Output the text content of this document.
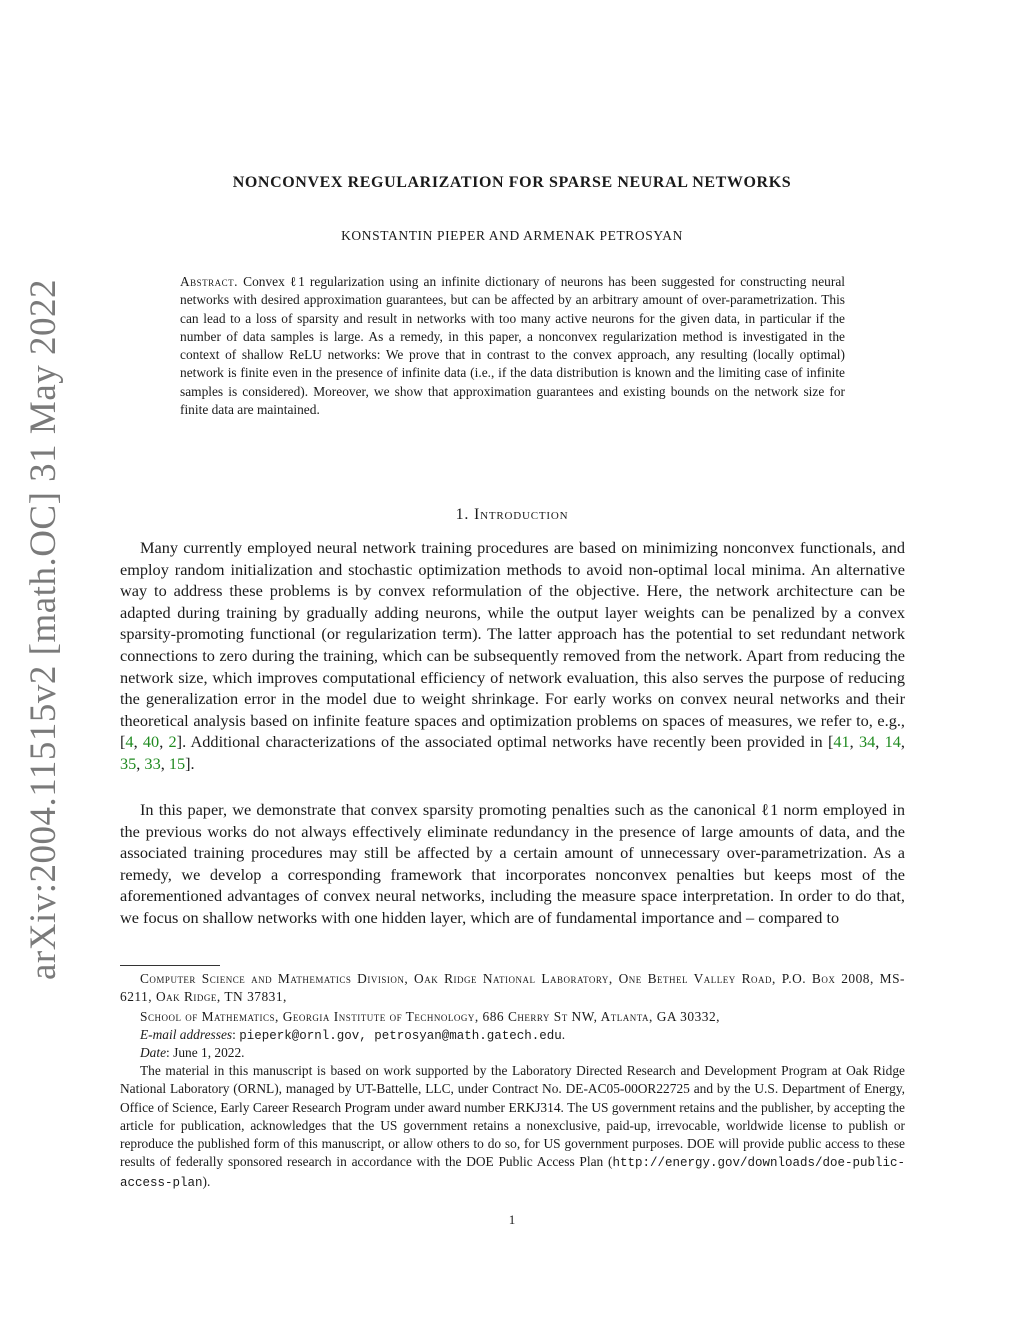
arXiv:2004.11515v2 [math.OC] 31 May 2022
NONCONVEX REGULARIZATION FOR SPARSE NEURAL NETWORKS
KONSTANTIN PIEPER AND ARMENAK PETROSYAN
Abstract. Convex ℓ1 regularization using an infinite dictionary of neurons has been suggested for constructing neural networks with desired approximation guarantees, but can be affected by an arbitrary amount of over-parametrization. This can lead to a loss of sparsity and result in networks with too many active neurons for the given data, in particular if the number of data samples is large. As a remedy, in this paper, a nonconvex regularization method is investigated in the context of shallow ReLU networks: We prove that in contrast to the convex approach, any resulting (locally optimal) network is finite even in the presence of infinite data (i.e., if the data distribution is known and the limiting case of infinite samples is considered). Moreover, we show that approximation guarantees and existing bounds on the network size for finite data are maintained.
1. Introduction

Many currently employed neural network training procedures are based on minimizing nonconvex functionals, and employ random initialization and stochastic optimization methods to avoid non-optimal local minima. An alternative way to address these problems is by convex reformulation of the objective. Here, the network architecture can be adapted during training by gradually adding neurons, while the output layer weights can be penalized by a convex sparsity-promoting functional (or regularization term). The latter approach has the potential to set redundant network connections to zero during the training, which can be subsequently removed from the network. Apart from reducing the network size, which improves computational efficiency of network evaluation, this also serves the purpose of reducing the generalization error in the model due to weight shrinkage. For early works on convex neural networks and their theoretical analysis based on infinite feature spaces and optimization problems on spaces of measures, we refer to, e.g., [4, 40, 2]. Additional characterizations of the associated optimal networks have recently been provided in [41, 34, 14, 35, 33, 15].

In this paper, we demonstrate that convex sparsity promoting penalties such as the canonical ℓ1 norm employed in the previous works do not always effectively eliminate redundancy in the presence of large amounts of data, and the associated training procedures may still be affected by a certain amount of unnecessary over-parametrization. As a remedy, we develop a corresponding framework that incorporates nonconvex penalties but keeps most of the aforementioned advantages of convex neural networks, including the measure space interpretation. In order to do that, we focus on shallow networks with one hidden layer, which are of fundamental importance and – compared to

Computer Science and Mathematics Division, Oak Ridge National Laboratory, One Bethel Valley Road, P.O. Box 2008, MS-6211, Oak Ridge, TN 37831,

School of Mathematics, Georgia Institute of Technology, 686 Cherry St NW, Atlanta, GA 30332,

E-mail addresses: pieperk@ornl.gov, petrosyan@math.gatech.edu.

Date: June 1, 2022.

The material in this manuscript is based on work supported by the Laboratory Directed Research and Development Program at Oak Ridge National Laboratory (ORNL), managed by UT-Battelle, LLC, under Contract No. DE-AC05-00OR22725 and by the U.S. Department of Energy, Office of Science, Early Career Research Program under award number ERKJ314. The US government retains and the publisher, by accepting the article for publication, acknowledges that the US government retains a nonexclusive, paid-up, irrevocable, worldwide license to publish or reproduce the published form of this manuscript, or allow others to do so, for US government purposes. DOE will provide public access to these results of federally sponsored research in accordance with the DOE Public Access Plan (http://energy.gov/downloads/doe-public-access-plan).

1
